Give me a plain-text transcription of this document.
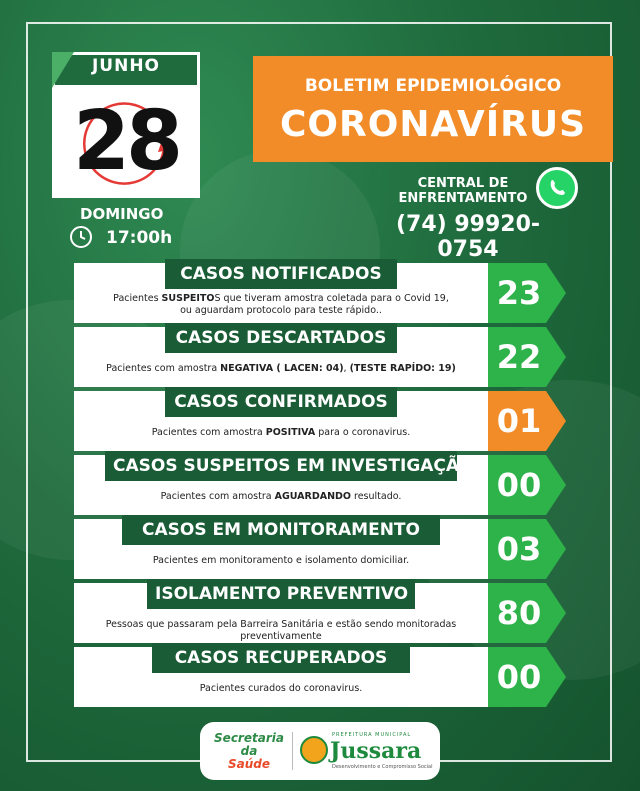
JUNHO
28
DOMINGO
17:00h
BOLETIM EPIDEMIOLÓGICO
CORONAVÍRUS
CENTRAL DE
ENFRENTAMENTO
(74) 99920-0754
CASOS NOTIFICADOS
Pacientes SUSPEITOS que tiveram amostra coletada para o Covid 19,
ou aguardam protocolo para teste rápido..	23
CASOS DESCARTADOS
Pacientes com amostra NEGATIVA ( LACEN: 04), (TESTE RAPÍDO: 19)	22
CASOS CONFIRMADOS
Pacientes com amostra POSITIVA para o coronavirus.	01
CASOS SUSPEITOS EM INVESTIGAÇÃO
Pacientes com amostra AGUARDANDO resultado.	00
CASOS EM MONITORAMENTO
Pacientes em monitoramento e isolamento domiciliar.	03
ISOLAMENTO PREVENTIVO
Pessoas que passaram pela Barreira Sanitária e estão sendo monitoradas preventivamente
80
CASOS RECUPERADOS
Pacientes curados do coronavirus.	00
Secretaria
da
Saúde
PREFEITURA MUNICIPAL
Jussara
Desenvolvimento e Compromisso Social
